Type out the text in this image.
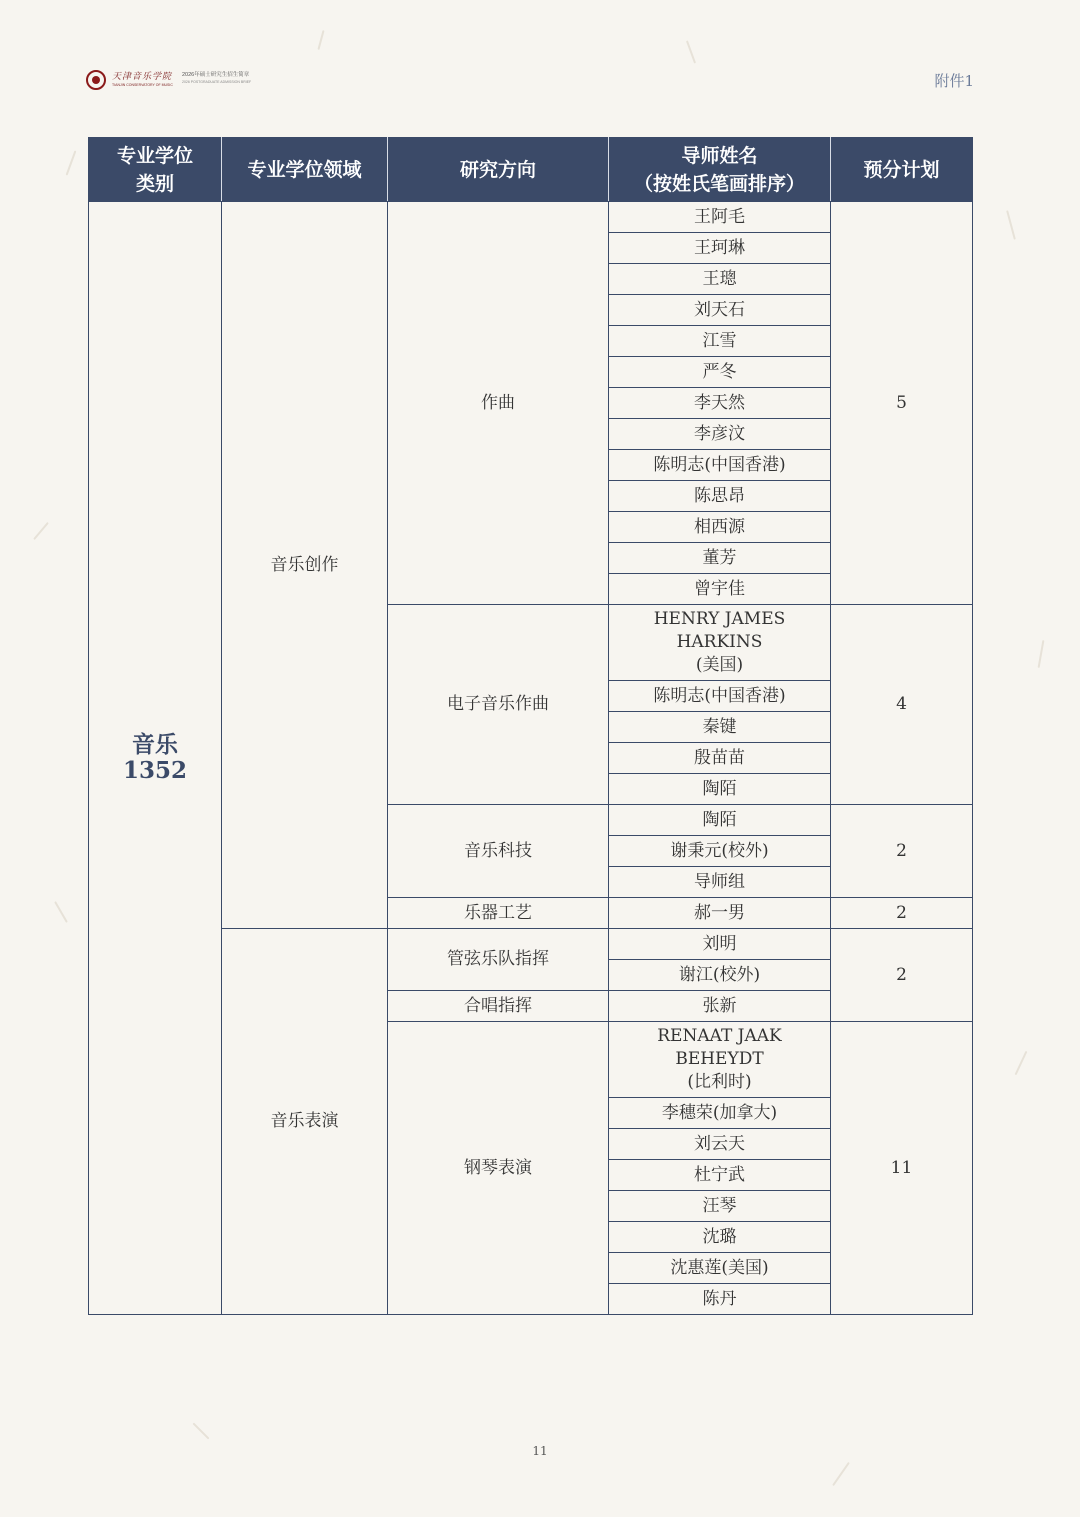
天津音乐学院
TIANJIN CONSERVATORY OF MUSIC
2026年硕士研究生招生简章
2026 POSTGRADUATE ADMISSION BRIEF	附件1
专业学位
类别	专业学位领域	研究方向	导师姓名
（按姓氏笔画排序）	预分计划
音乐
1352	音乐创作	作曲	王阿毛	5
			王珂琳	
			王璁	
			刘天石	
			江雪	
			严冬	
			李天然	
			李彦汶	
			陈明志(中国香港)	
			陈思昂	
			相西源	
			董芳	
			曾宇佳	
		电子音乐作曲	HENRY JAMES
HARKINS
(美国)	4
			陈明志(中国香港)	
			秦键	
			殷苗苗	
			陶陌	
		音乐科技	陶陌	2
			谢秉元(校外)	
			导师组	
		乐器工艺	郝一男	2
	音乐表演	管弦乐队指挥	刘明	2
			谢江(校外)	
		合唱指挥	张新	
		钢琴表演	RENAAT JAAK
BEHEYDT
(比利时)	11
			李穗荣(加拿大)	
			刘云天	
			杜宁武	
			汪琴	
			沈璐	
			沈惠莲(美国)	
			陈丹	
11
